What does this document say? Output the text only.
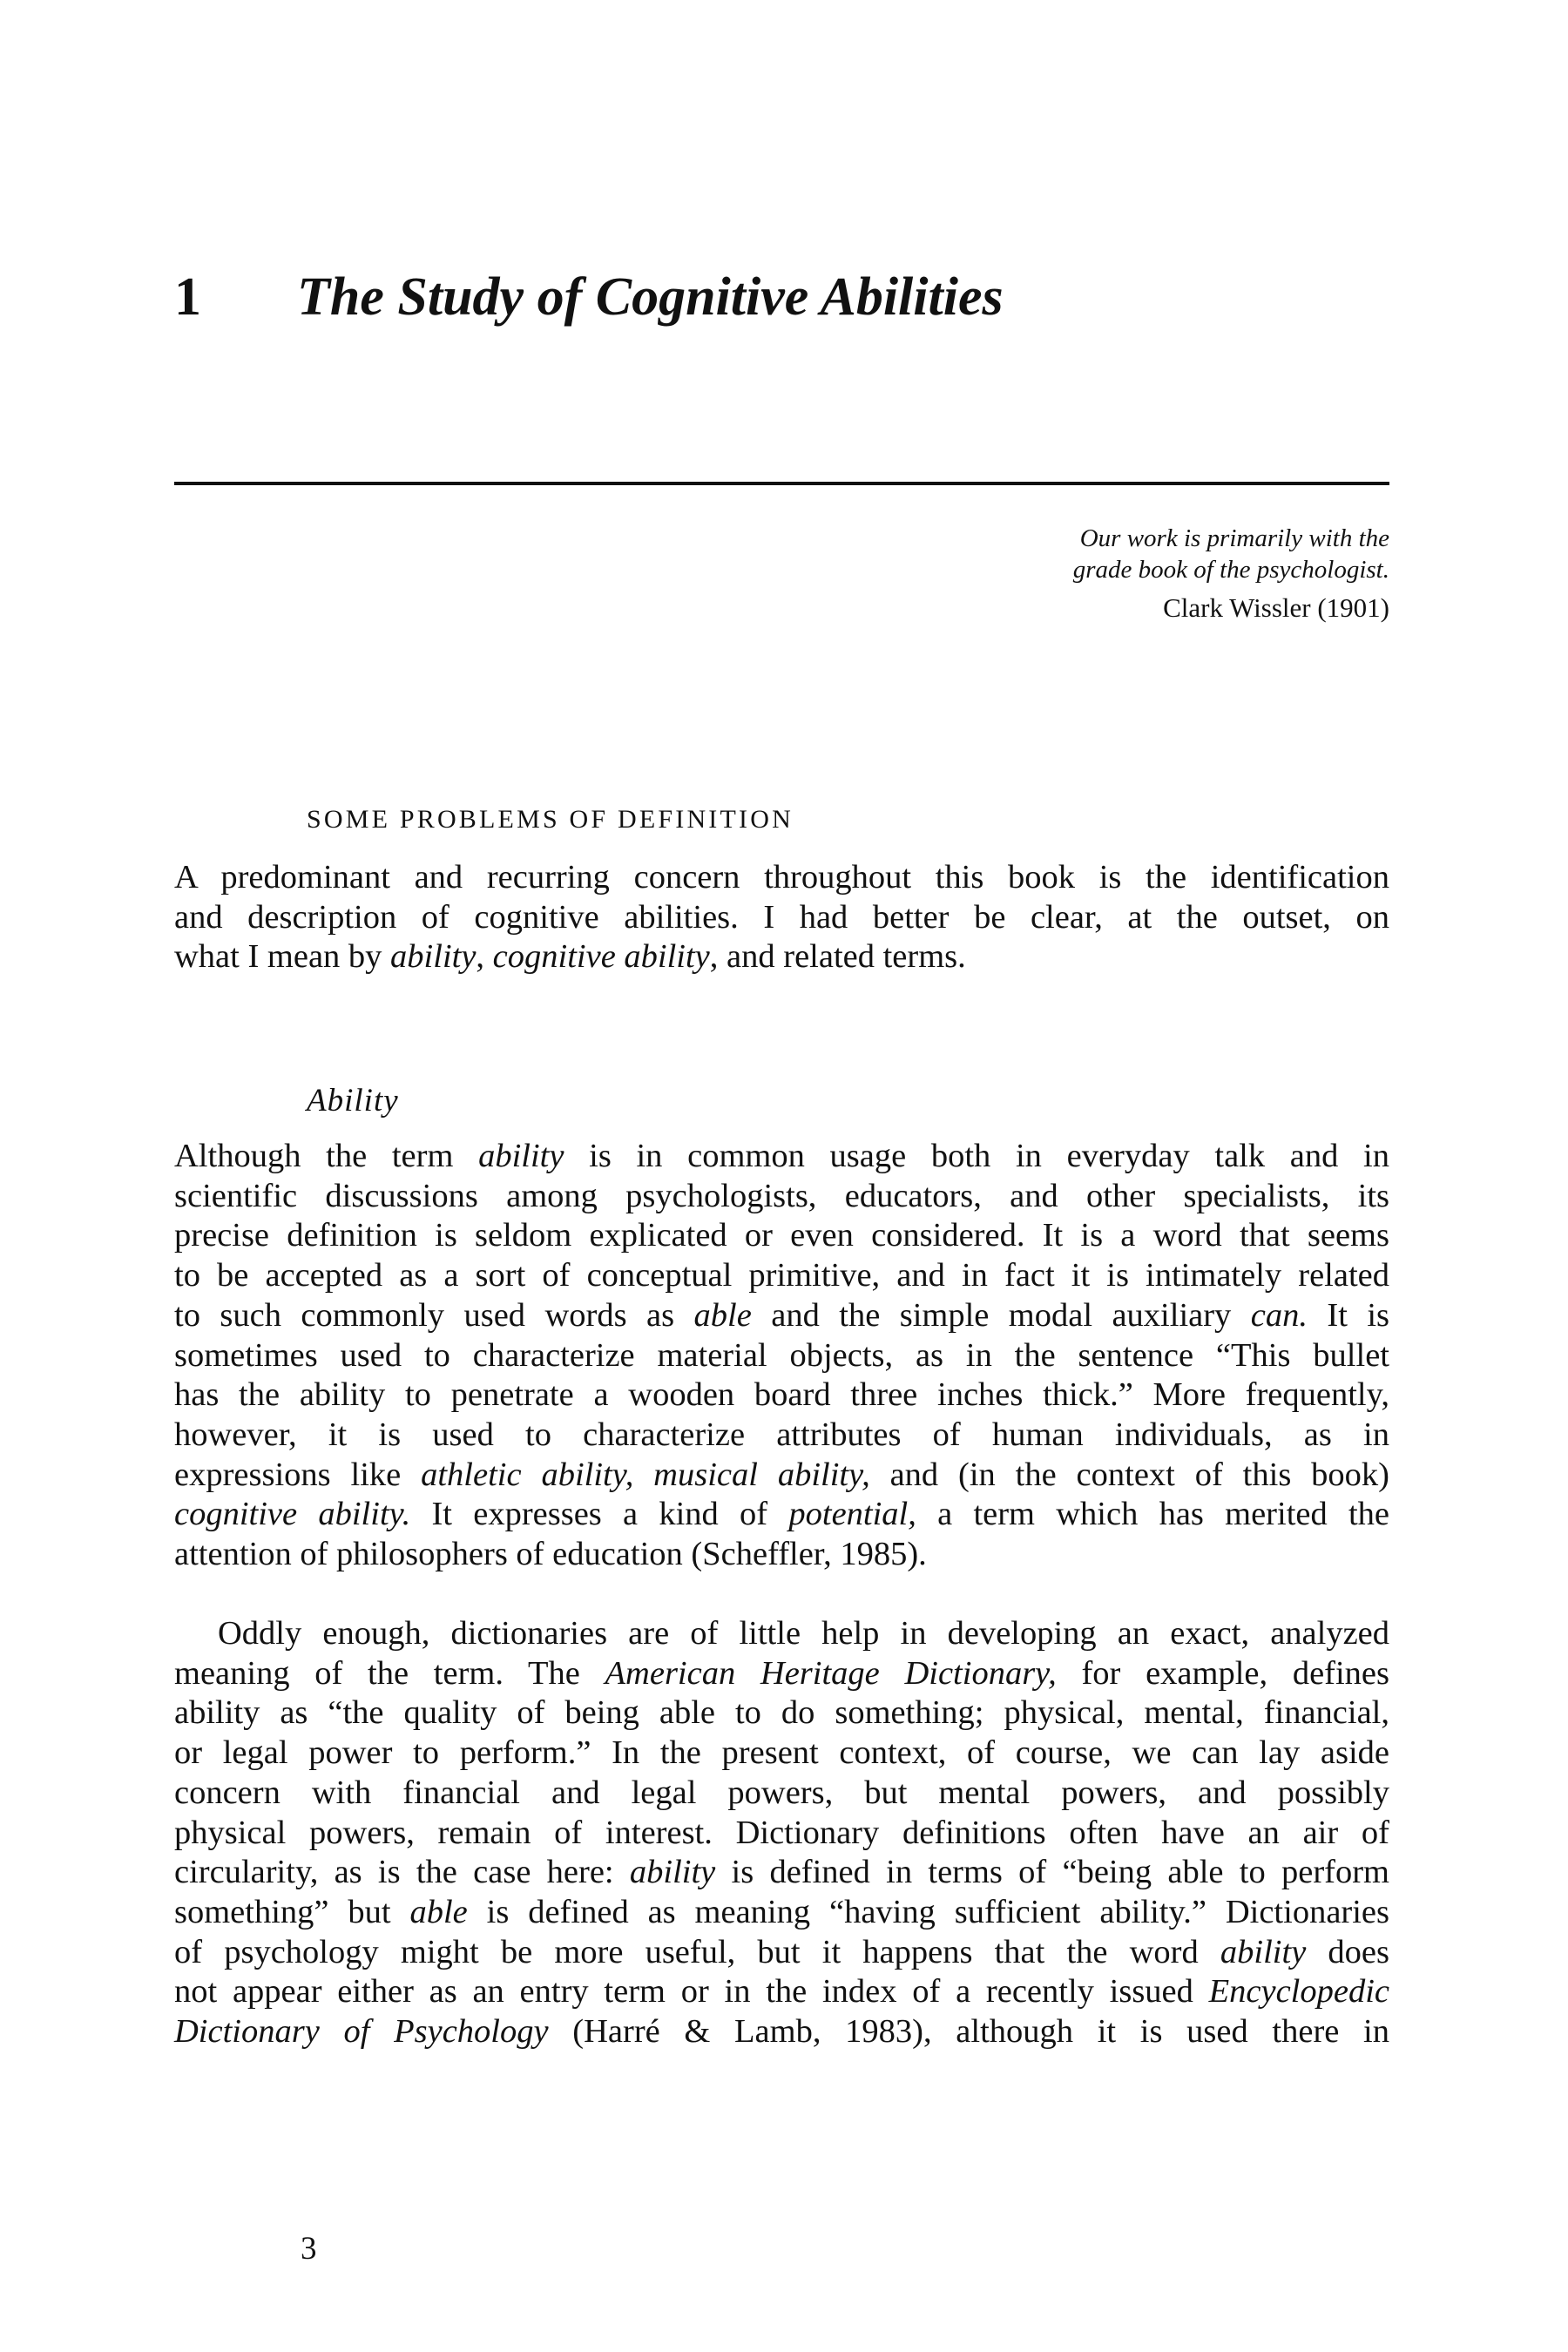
1 The Study of Cognitive Abilities
Our work is primarily with the
grade book of the psychologist.
Clark Wissler (1901)
SOME PROBLEMS OF DEFINITION

A predominant and recurring concern throughout this book is the identification
and description of cognitive abilities. I had better be clear, at the outset, on
what I mean by ability, cognitive ability, and related terms.

Ability

Although the term ability is in common usage both in everyday talk and in
scientific discussions among psychologists, educators, and other specialists, its
precise definition is seldom explicated or even considered. It is a word that seems
to be accepted as a sort of conceptual primitive, and in fact it is intimately related
to such commonly used words as able and the simple modal auxiliary can. It is
sometimes used to characterize material objects, as in the sentence “This bullet
has the ability to penetrate a wooden board three inches thick.” More frequently,
however, it is used to characterize attributes of human individuals, as in
expressions like athletic ability, musical ability, and (in the context of this book)
cognitive ability. It expresses a kind of potential, a term which has merited the
attention of philosophers of education (Scheffler, 1985).

Oddly enough, dictionaries are of little help in developing an exact, analyzed
meaning of the term. The American Heritage Dictionary, for example, defines
ability as “the quality of being able to do something; physical, mental, financial,
or legal power to perform.” In the present context, of course, we can lay aside
concern with financial and legal powers, but mental powers, and possibly
physical powers, remain of interest. Dictionary definitions often have an air of
circularity, as is the case here: ability is defined in terms of “being able to perform
something” but able is defined as meaning “having sufficient ability.” Dictionaries
of psychology might be more useful, but it happens that the word ability does
not appear either as an entry term or in the index of a recently issued Encyclopedic
Dictionary of Psychology (Harré & Lamb, 1983), although it is used there in

3
